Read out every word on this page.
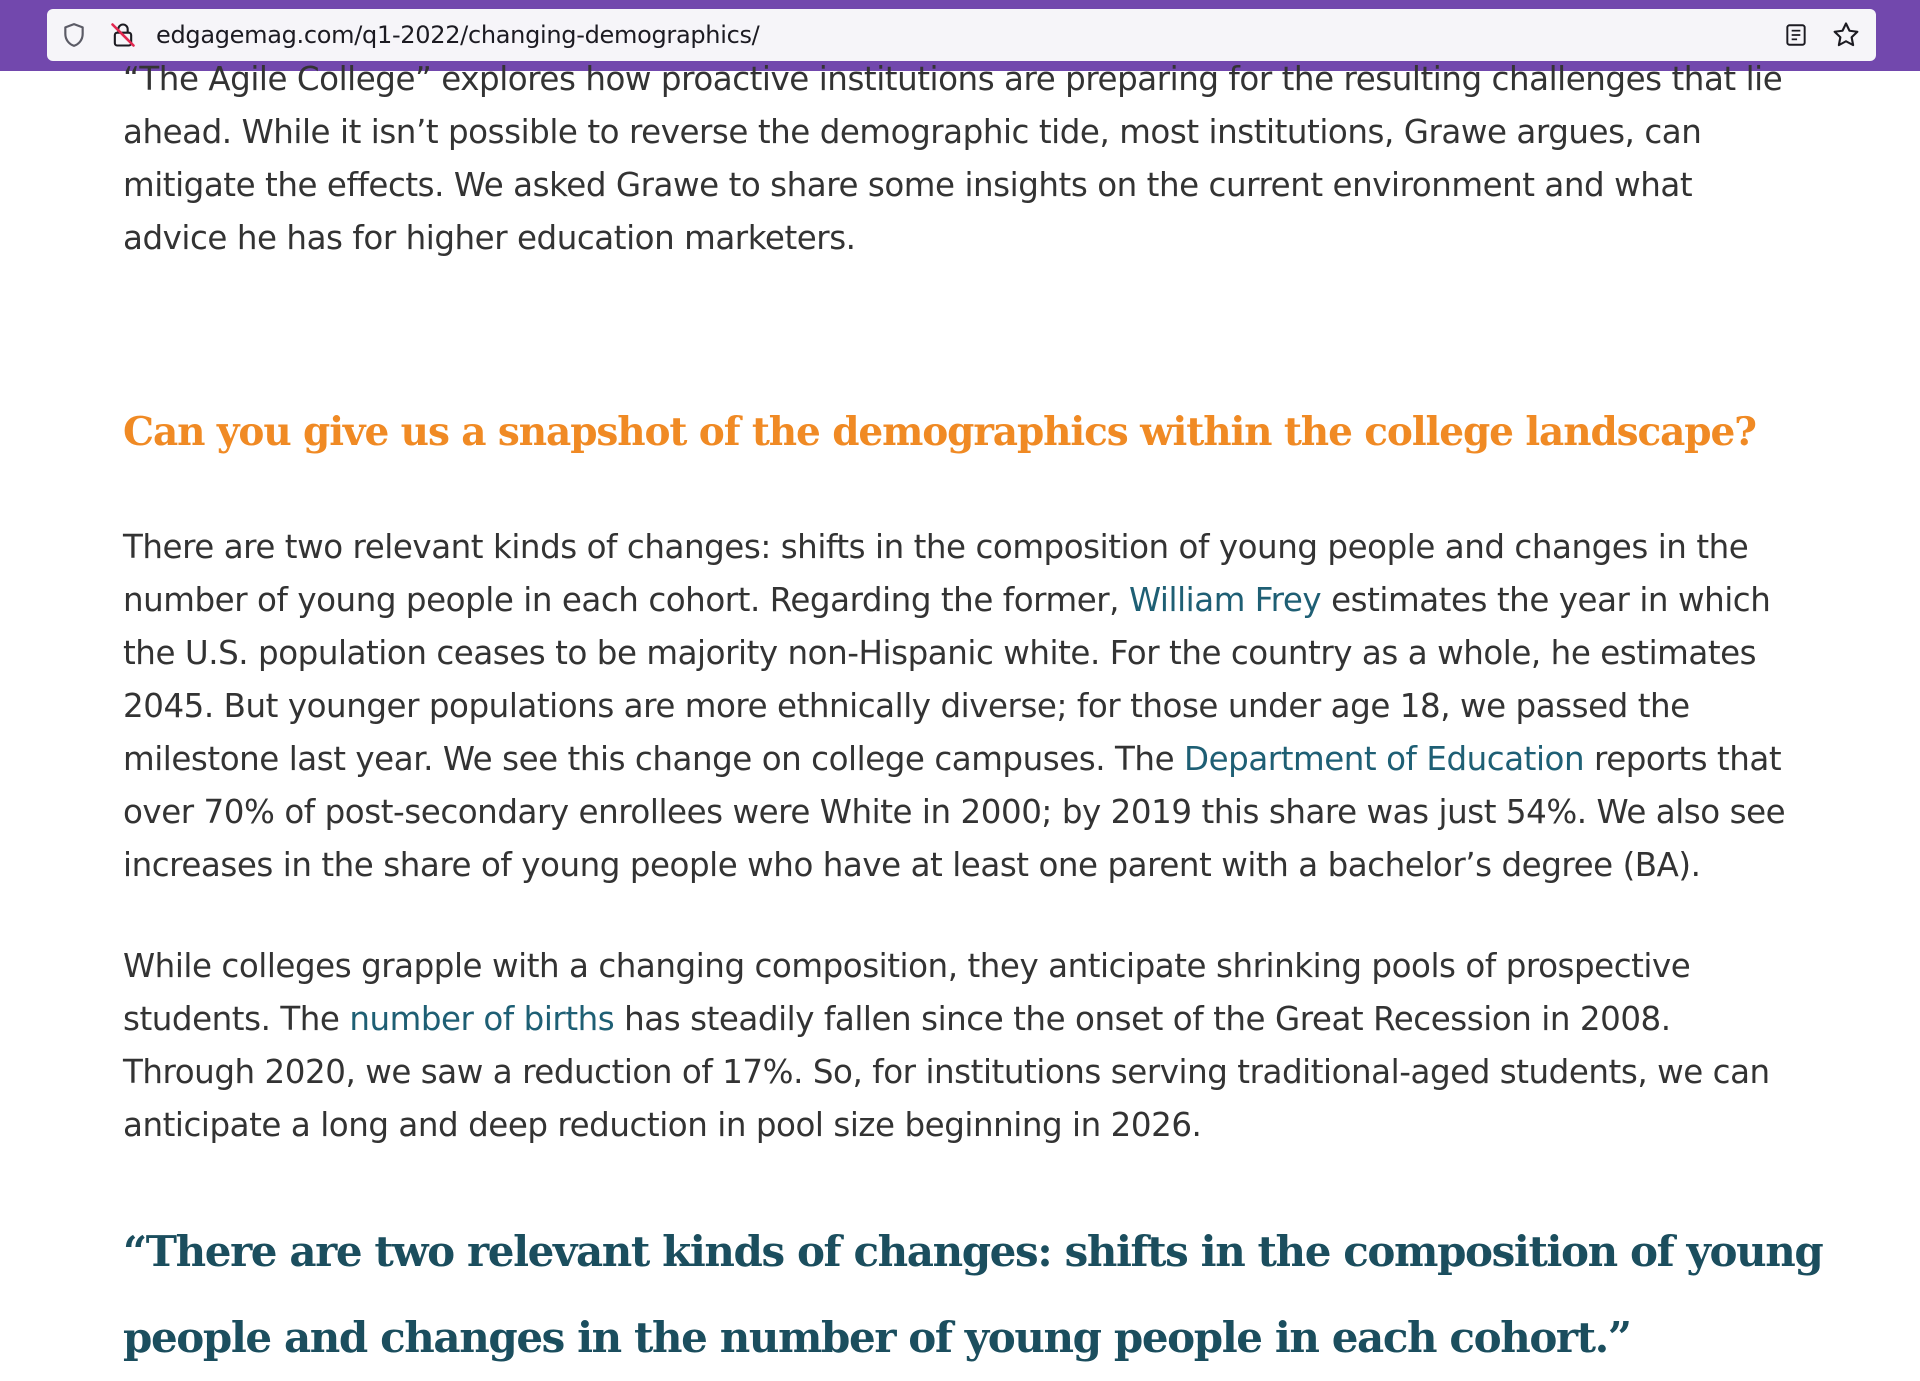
edgagemag.com/q1-2022/changing-demographics/

“The Agile College” explores how proactive institutions are preparing for the resulting challenges that lie
ahead. While it isn’t possible to reverse the demographic tide, most institutions, Grawe argues, can
mitigate the effects. We asked Grawe to share some insights on the current environment and what
advice he has for higher education marketers.

Can you give us a snapshot of the demographics within the college landscape?

There are two relevant kinds of changes: shifts in the composition of young people and changes in the
number of young people in each cohort. Regarding the former, William Frey estimates the year in which
the U.S. population ceases to be majority non-Hispanic white. For the country as a whole, he estimates
2045. But younger populations are more ethnically diverse; for those under age 18, we passed the
milestone last year. We see this change on college campuses. The Department of Education reports that
over 70% of post-secondary enrollees were White in 2000; by 2019 this share was just 54%. We also see
increases in the share of young people who have at least one parent with a bachelor’s degree (BA).

While colleges grapple with a changing composition, they anticipate shrinking pools of prospective
students. The number of births has steadily fallen since the onset of the Great Recession in 2008.
Through 2020, we saw a reduction of 17%. So, for institutions serving traditional-aged students, we can
anticipate a long and deep reduction in pool size beginning in 2026.

“There are two relevant kinds of changes: shifts in the composition of young
people and changes in the number of young people in each cohort.”
